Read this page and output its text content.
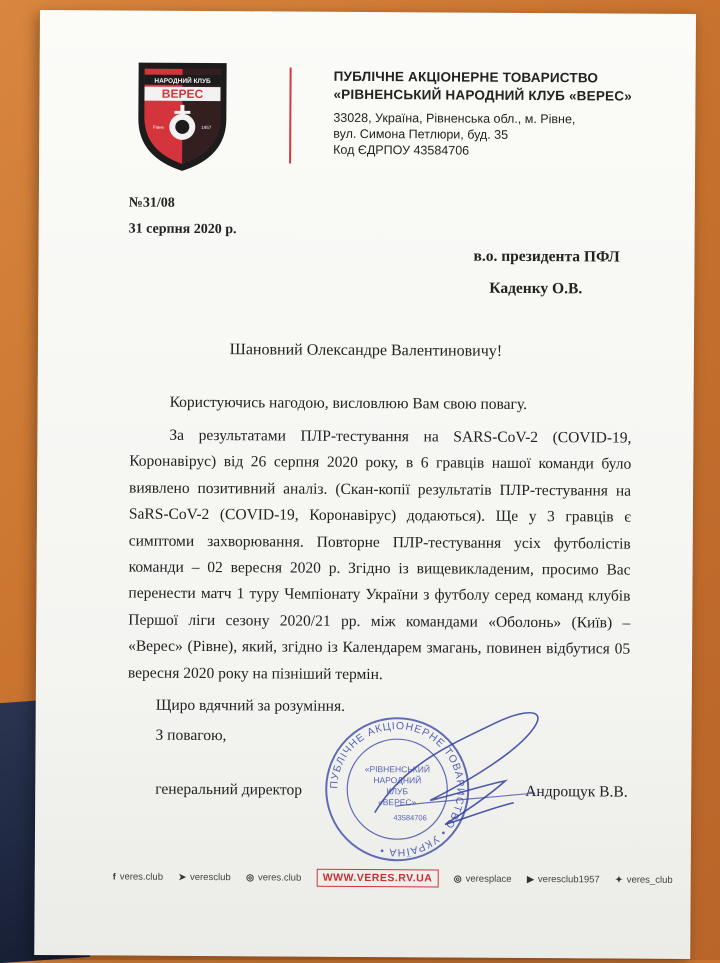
НАРОДНИЙ КЛУБ
ВЕРЕС
Рівне	1957
ПУБЛІЧНЕ АКЦІОНЕРНЕ ТОВАРИСТВО
«РІВНЕНСЬКИЙ НАРОДНИЙ КЛУБ «ВЕРЕС»
33028, Україна, Рівненська обл., м. Рівне,
вул. Симона Петлюри, буд. 35
Код ЄДРПОУ 43584706
№31/08
31 серпня 2020 р.
в.о. президента ПФЛ
Каденку О.В.
Шановний Олександре Валентиновичу!
Користуючись нагодою, висловлюю Вам свою повагу.
За результатами ПЛР-тестування на SARS-CoV-2 (COVID-19, Коронавірус) від 26 серпня 2020 року, в 6 гравців нашої команди було виявлено позитивний аналіз. (Скан-копії результатів ПЛР-тестування на SaRS-CoV-2 (COVID-19, Коронавірус) додаються). Ще у 3 гравців є симптоми захворювання. Повторне ПЛР-тестування усіх футболістів команди – 02 вересня 2020 р. Згідно із вищевикладеним, просимо Вас перенести матч 1 туру Чемпіонату України з футболу серед команд клубів Першої ліги сезону 2020/21 рр. між командами «Оболонь» (Київ) – «Верес» (Рівне), який, згідно із Календарем змагань, повинен відбутися 05 вересня 2020 року на пізніший термін.
Щиро вдячний за розуміння.
З повагою,
генеральний директор	Андрощук В.В.
ПУБЛІЧНЕ АКЦІОНЕРНЕ ТОВАРИСТВО • УКРАЇНА •
«РІВНЕНСЬКИЙ
НАРОДНИЙ
КЛУБ
«ВЕРЕС»
43584706
f veres.club ➤ veresclub ◎ veres.club	WWW.VERES.RV.UA	◎ veresplace ▶ veresclub1957 ✦ veres_club
